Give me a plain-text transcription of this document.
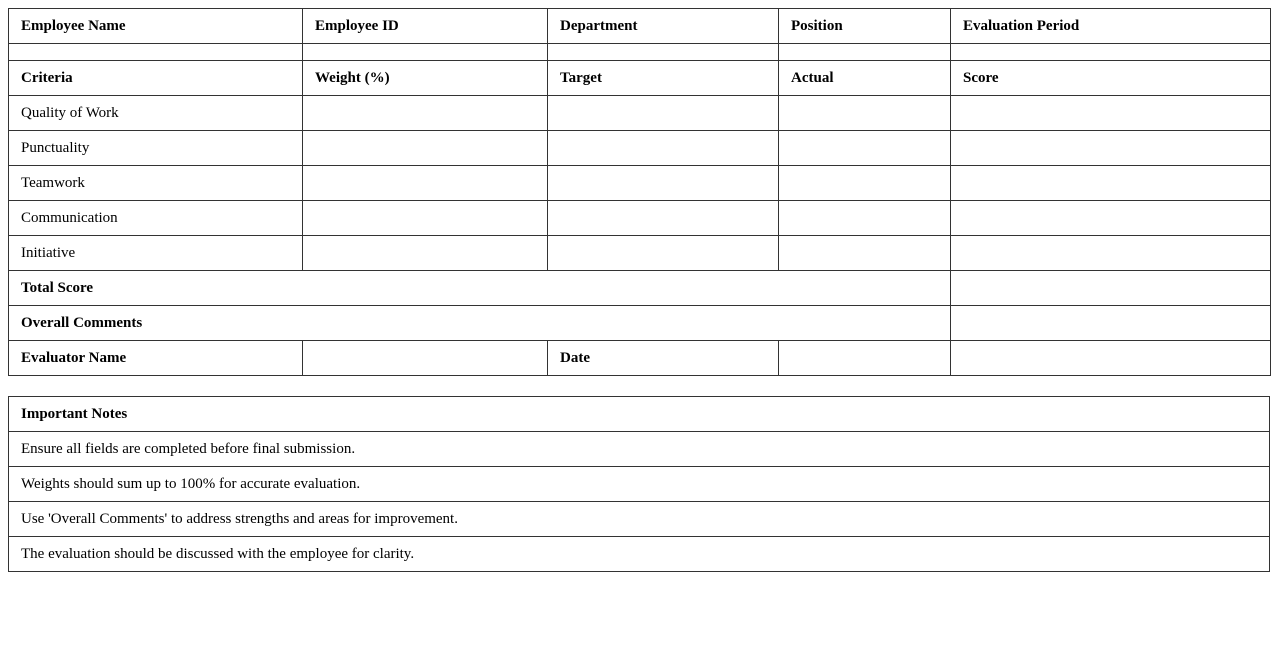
Employee Name	Employee ID	Department	Position	Evaluation Period

Criteria	Weight (%)	Target	Actual	Score
Quality of Work				
Punctuality				
Teamwork				
Communication				
Initiative				
Total Score				
Overall Comments				
Evaluator Name		Date		
Important Notes
Ensure all fields are completed before final submission.
Weights should sum up to 100% for accurate evaluation.
Use 'Overall Comments' to address strengths and areas for improvement.
The evaluation should be discussed with the employee for clarity.
